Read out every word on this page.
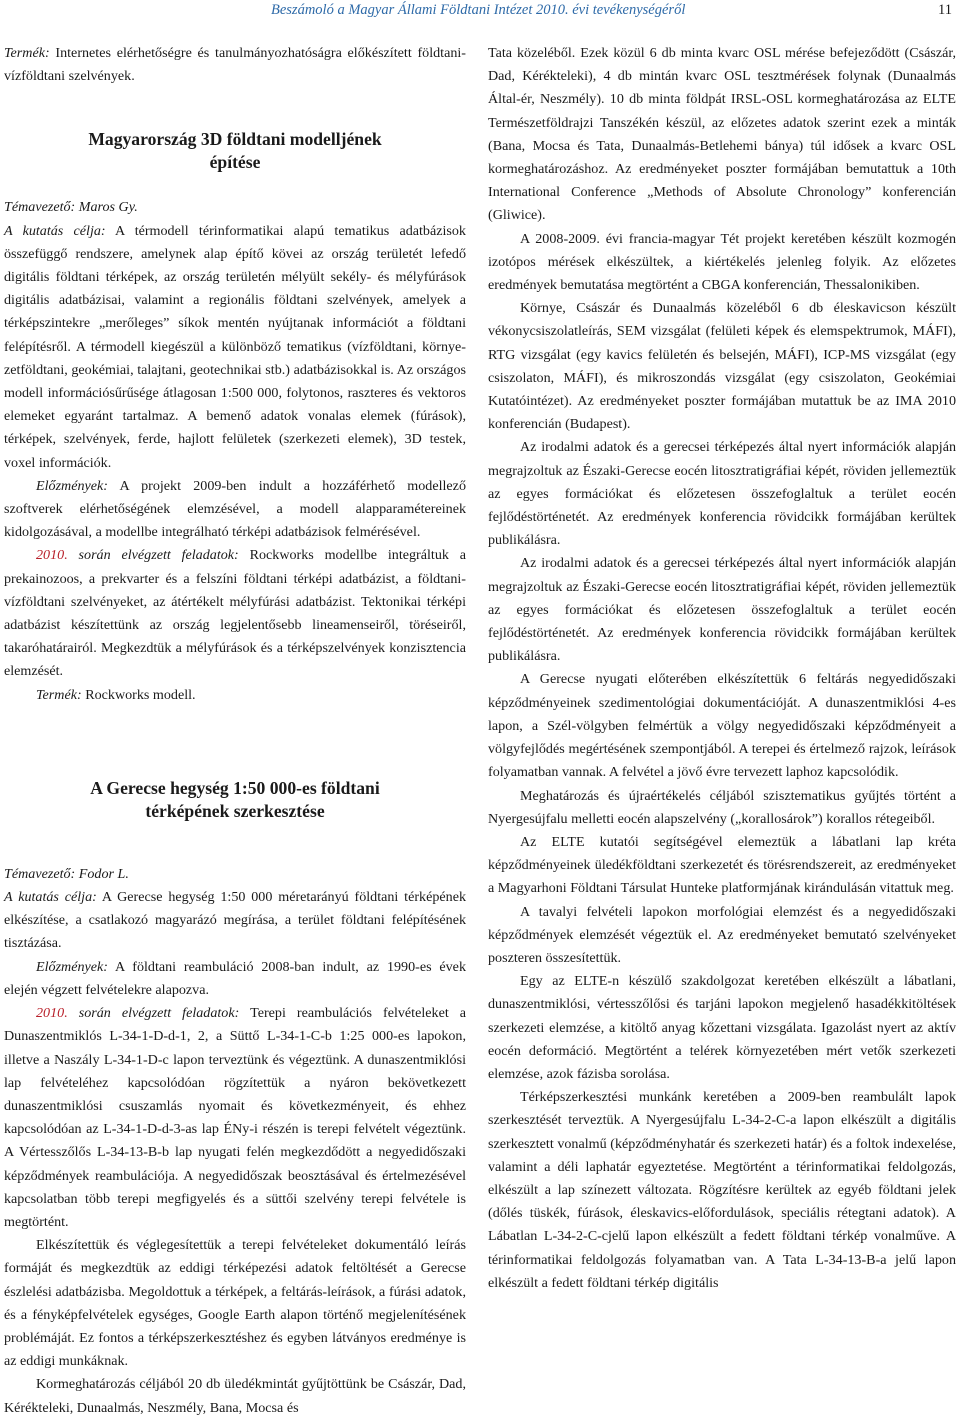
Beszámoló a Magyar Állami Földtani Intézet 2010. évi tevékenységéről	11

Termék: Internetes elérhetőségre és tanulmányozhatóságra előkészített földtani-vízföldtani szelvények.

Magyarország 3D földtani modelljének
építése

Témavezető: Maros Gy.

A kutatás célja: A térmodell térinformatikai alapú tematikus adatbázisok összefüggő rendszere, amelynek alap építő kövei az ország területét lefedő digitális földtani térképek, az ország területén mélyült sekély- és mélyfúrások digitális adatbázisai, valamint a regionális földtani szelvények, amelyek a térképszintekre „merőleges” síkok mentén nyújtanak információt a földtani felépítésről. A térmodell kiegészül a különböző tematikus (vízföldtani, környezetföldtani, geokémiai, talajtani, geotechnikai stb.) adatbázisokkal is. Az országos modell információsűrűsége átlagosan 1:500 000, folytonos, raszteres és vektoros elemeket egyaránt tartalmaz. A bemenő adatok vonalas elemek (fúrások), térképek, szelvények, ferde, hajlott felületek (szerkezeti elemek), 3D testek, voxel információk.

Előzmények: A projekt 2009-ben indult a hozzáférhető modellező szoftverek elérhetőségének elemzésével, a modell alapparamétereinek kidolgozásával, a modellbe integrálható térképi adatbázisok felmérésével.

2010. során elvégzett feladatok: Rockworks modellbe integráltuk a prekainozoos, a prekvarter és a felszíni földtani térképi adatbázist, a földtani-vízföldtani szelvényeket, az átértékelt mélyfúrási adatbázist. Tektonikai térképi adatbázist készítettünk az ország legjelentősebb lineamenseiről, töréseiről, takaróhatárairól. Megkezdtük a mélyfúrások és a térképszelvények konzisztencia elemzését.

Termék: Rockworks modell.

A Gerecse hegység 1:50 000-es földtani
térképének szerkesztése

Témavezető: Fodor L.

A kutatás célja: A Gerecse hegység 1:50 000 méretarányú földtani térképének elkészítése, a csatlakozó magyarázó megírása, a terület földtani felépítésének tisztázása.

Előzmények: A földtani reambuláció 2008-ban indult, az 1990-es évek elején végzett felvételekre alapozva.

2010. során elvégzett feladatok: Terepi reambulációs felvételeket a Dunaszentmiklós L-34-1-D-d-1, 2, a Süttő L-34-1-C-b 1:25 000-es lapokon, illetve a Naszály L-34-1-D-c lapon terveztünk és végeztünk. A dunaszentmiklósi lap felvételéhez kapcsolódóan rögzítettük a nyáron bekövetkezett dunaszentmiklósi csuszamlás nyomait és következményeit, és ehhez kapcsolódóan az L-34-1-D-d-3-as lap ÉNy-i részén is terepi felvételt végeztünk. A Vértesszőlős L-34-13-B-b lap nyugati felén megkezdődött a negyedidőszaki képződmények reambulációja. A negyedidőszak beosztásával és értelmezésével kapcsolatban több terepi megfigyelés és a süttői szelvény terepi felvétele is megtörtént.

Elkészítettük és véglegesítettük a terepi felvételeket dokumentáló leírás formáját és megkezdtük az eddigi térképezési adatok feltöltését a Gerecse észlelési adatbázisba. Megoldottuk a térképek, a feltárás-leírások, a fúrási adatok, és a fényképfelvételek egységes, Google Earth alapon történő megjelenítésének problémáját. Ez fontos a térképszerkesztéshez és egyben látványos eredménye is az eddigi munkáknak.

Kormeghatározás céljából 20 db üledékmintát gyűjtöttünk be Császár, Dad, Kérékteleki, Dunaalmás, Neszmély, Bana, Mocsa és

Tata közeléből. Ezek közül 6 db minta kvarc OSL mérése befejeződött (Császár, Dad, Kérékteleki), 4 db mintán kvarc OSL tesztmérések folynak (Dunaalmás Által-ér, Neszmély). 10 db minta földpát IRSL-OSL kormeghatározása az ELTE Természetföldrajzi Tanszékén készül, az előzetes adatok szerint ezek a minták (Bana, Mocsa és Tata, Dunaalmás-Betlehemi bánya) túl idősek a kvarc OSL kormeghatározáshoz. Az eredményeket poszter formájában bemutattuk a 10th International Conference „Methods of Absolute Chronology” konferencián (Gliwice).

A 2008-2009. évi francia-magyar Tét projekt keretében készült kozmogén izotópos mérések elkészültek, a kiértékelés jelenleg folyik. Az előzetes eredmények bemutatása megtörtént a CBGA konferencián, Thessalonikiben.

Környe, Császár és Dunaalmás közeléből 6 db éleskavicson készült vékonycsiszolatleírás, SEM vizsgálat (felületi képek és elemspektrumok, MÁFI), RTG vizsgálat (egy kavics felületén és belsején, MÁFI), ICP-MS vizsgálat (egy csiszolaton, MÁFI), és mikroszondás vizsgálat (egy csiszolaton, Geokémiai Kutatóintézet). Az eredményeket poszter formájában mutattuk be az IMA 2010 konferencián (Budapest).

Az irodalmi adatok és a gerecsei térképezés által nyert információk alapján megrajzoltuk az Északi-Gerecse eocén litosztratigráfiai képét, röviden jellemeztük az egyes formációkat és előzetesen összefoglaltuk a terület eocén fejlődéstörténetét. Az eredmények konferencia rövidcikk formájában kerültek publikálásra.

Az irodalmi adatok és a gerecsei térképezés által nyert információk alapján megrajzoltuk az Északi-Gerecse eocén litosztratigráfiai képét, röviden jellemeztük az egyes formációkat és előzetesen összefoglaltuk a terület eocén fejlődéstörténetét. Az eredmények konferencia rövidcikk formájában kerültek publikálásra.

A Gerecse nyugati előterében elkészítettük 6 feltárás negyedidőszaki képződményeinek szedimentológiai dokumentációját. A dunaszentmiklósi 4-es lapon, a Szél-völgyben felmértük a völgy negyedidőszaki képződményeit a völgyfejlődés megértésének szempontjából. A terepei és értelmező rajzok, leírások folyamatban vannak. A felvétel a jövő évre tervezett laphoz kapcsolódik.

Meghatározás és újraértékelés céljából szisztematikus gyűjtés történt a Nyergesújfalu melletti eocén alapszelvény („korallosárok”) korallos rétegeiből.

Az ELTE kutatói segítségével elemeztük a lábatlani lap kréta képződményeinek üledékföldtani szerkezetét és törésrendszereit, az eredményeket a Magyarhoni Földtani Társulat Hunteke platformjának kirándulásán vitattuk meg.

A tavalyi felvételi lapokon morfológiai elemzést és a negyedidőszaki képződmények elemzését végeztük el. Az eredményeket bemutató szelvényeket poszteren összesítettük.

Egy az ELTE-n készülő szakdolgozat keretében elkészült a lábatlani, dunaszentmiklósi, vértesszőlősi és tarjáni lapokon megjelenő hasadékkitöltések szerkezeti elemzése, a kitöltő anyag kőzettani vizsgálata. Igazolást nyert az aktív eocén deformáció. Megtörtént a telérek környezetében mért vetők szerkezeti elemzése, azok fázisba sorolása.

Térképszerkesztési munkánk keretében a 2009-ben reambulált lapok szerkesztését terveztük. A Nyergesújfalu L-34-2-C-a lapon elkészült a digitális szerkesztett vonalmű (képződményhatár és szerkezeti határ) és a foltok indexelése, valamint a déli laphatár egyeztetése. Megtörtént a térinformatikai feldolgozás, elkészült a lap színezett változata. Rögzítésre kerültek az egyéb földtani jelek (dőlés tüskék, fúrások, éleskavics-előfordulások, speciális rétegtani adatok). A Lábatlan L-34-2-C-cjelű lapon elkészült a fedett földtani térkép vonalműve. A térinformatikai feldolgozás folyamatban van. A Tata L-34-13-B-a jelű lapon elkészült a fedett földtani térkép digitális
